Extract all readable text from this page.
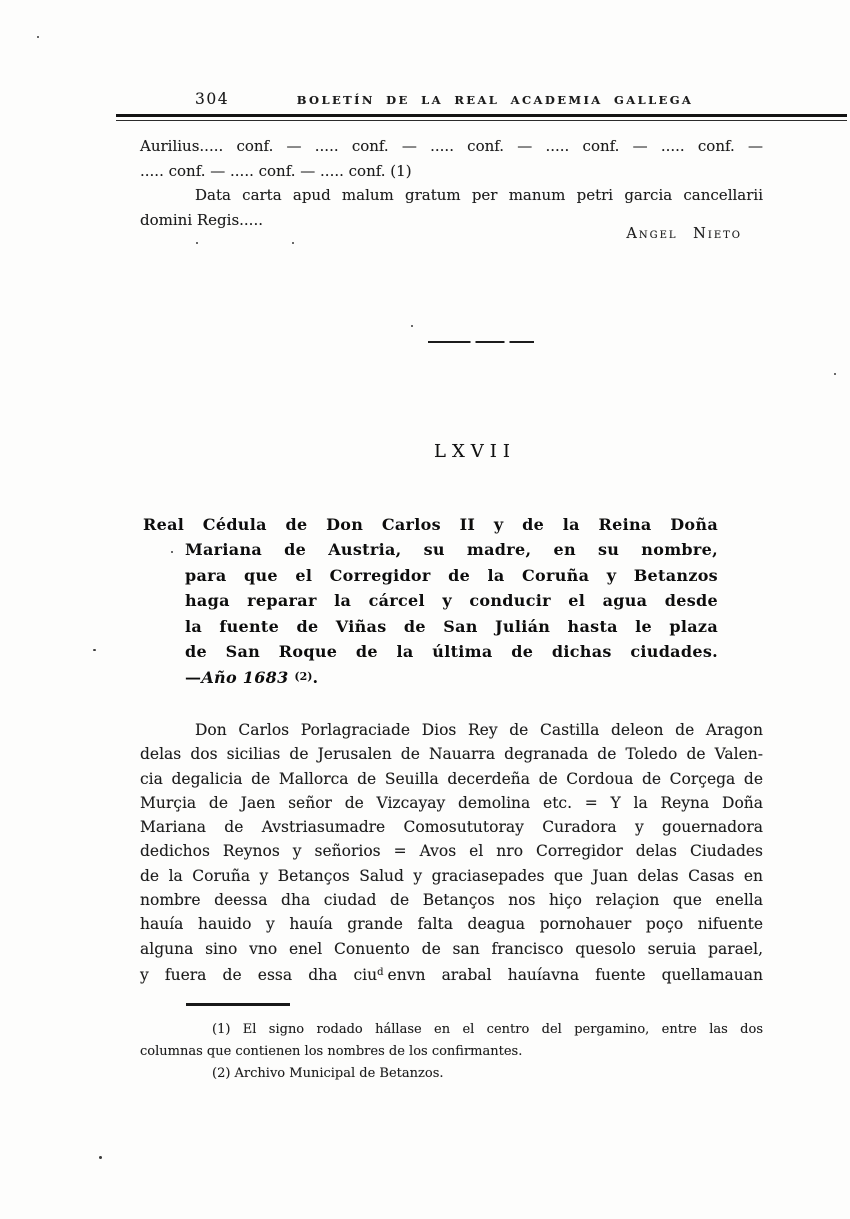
304	BOLETÍN DE LA REAL ACADEMIA GALLEGA
Aurilius..... conf. — ..... conf. — ..... conf. — ..... conf. — ..... conf. —
..... conf. — ..... conf. — ..... conf. (1)
Data carta apud malum gratum per manum petri garcia cancellarii
domini Regis.....
Angel Nieto
LXVII
Real Cédula de Don Carlos II y de la Reina Doña
Mariana de Austria, su madre, en su nombre,
para que el Corregidor de la Coruña y Betanzos
haga reparar la cárcel y conducir el agua desde
la fuente de Viñas de San Julián hasta le plaza
de San Roque de la última de dichas ciudades.
—Año 1683 $^{(2)}$.
Don Carlos Porlagraciade Dios Rey de Castilla deleon de Aragon
delas dos sicilias de Jerusalen de Nauarra degranada de Toledo de Valen-
cia degalicia de Mallorca de Seuilla decerdeña de Cordoua de Corçega de
Murçia de Jaen señor de Vizcayay demolina etc. = Y la Reyna Doña
Mariana de Avstriasumadre Comosututoray Curadora y gouernadora
dedichos Reynos y señorios = Avos el nro Corregidor delas Ciudades
de la Coruña y Betanços Salud y graciasepades que Juan delas Casas en
nombre deessa dha ciudad de Betanços nos hiço relaçion que enella
hauía hauido y hauía grande falta deagua pornohauer poço nifuente
alguna sino vno enel Conuento de san francisco quesolo seruia parael,
y fuera de essa dha ciu$^d$ envn arabal hauíavna fuente quellamauan
(1) El signo rodado hállase en el centro del pergamino, entre las dos
columnas que contienen los nombres de los confirmantes.
(2) Archivo Municipal de Betanzos.
